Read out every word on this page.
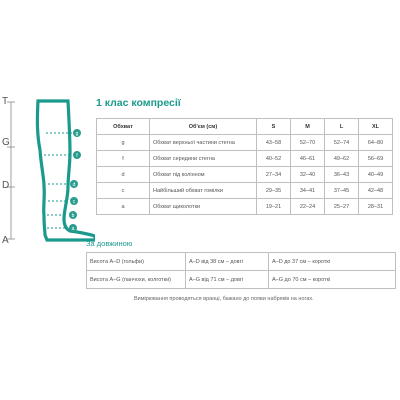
T
G
D
A
g
f
d
c
b
a
1 клас компресії
Обхват	Об'єм (см)	S	M	L	XL
g	Обхват верхньої частини стегна	43–58	52–70	52–74	64–80
f	Обхват середини стегна	40–52	46–61	49–62	56–69
d	Обхват під колінном	27–34	32–40	36–43	40–49
c	Найбільший обхват гомілки	29–35	34–41	37–45	42–48
a	Обхват щиколотки	19–21	22–24	25–27	28–31
За довжиною
Висота A–D (гольфи)	A–D від 38 см – довгі	A–D до 37 см – короткі
Висота A–G (панчохи, колготки)	A–G від 71 см – довгі	A–G до 70 см – короткі
Вимірювання проводяться вранці, бажано до появи набряків на ногах.
